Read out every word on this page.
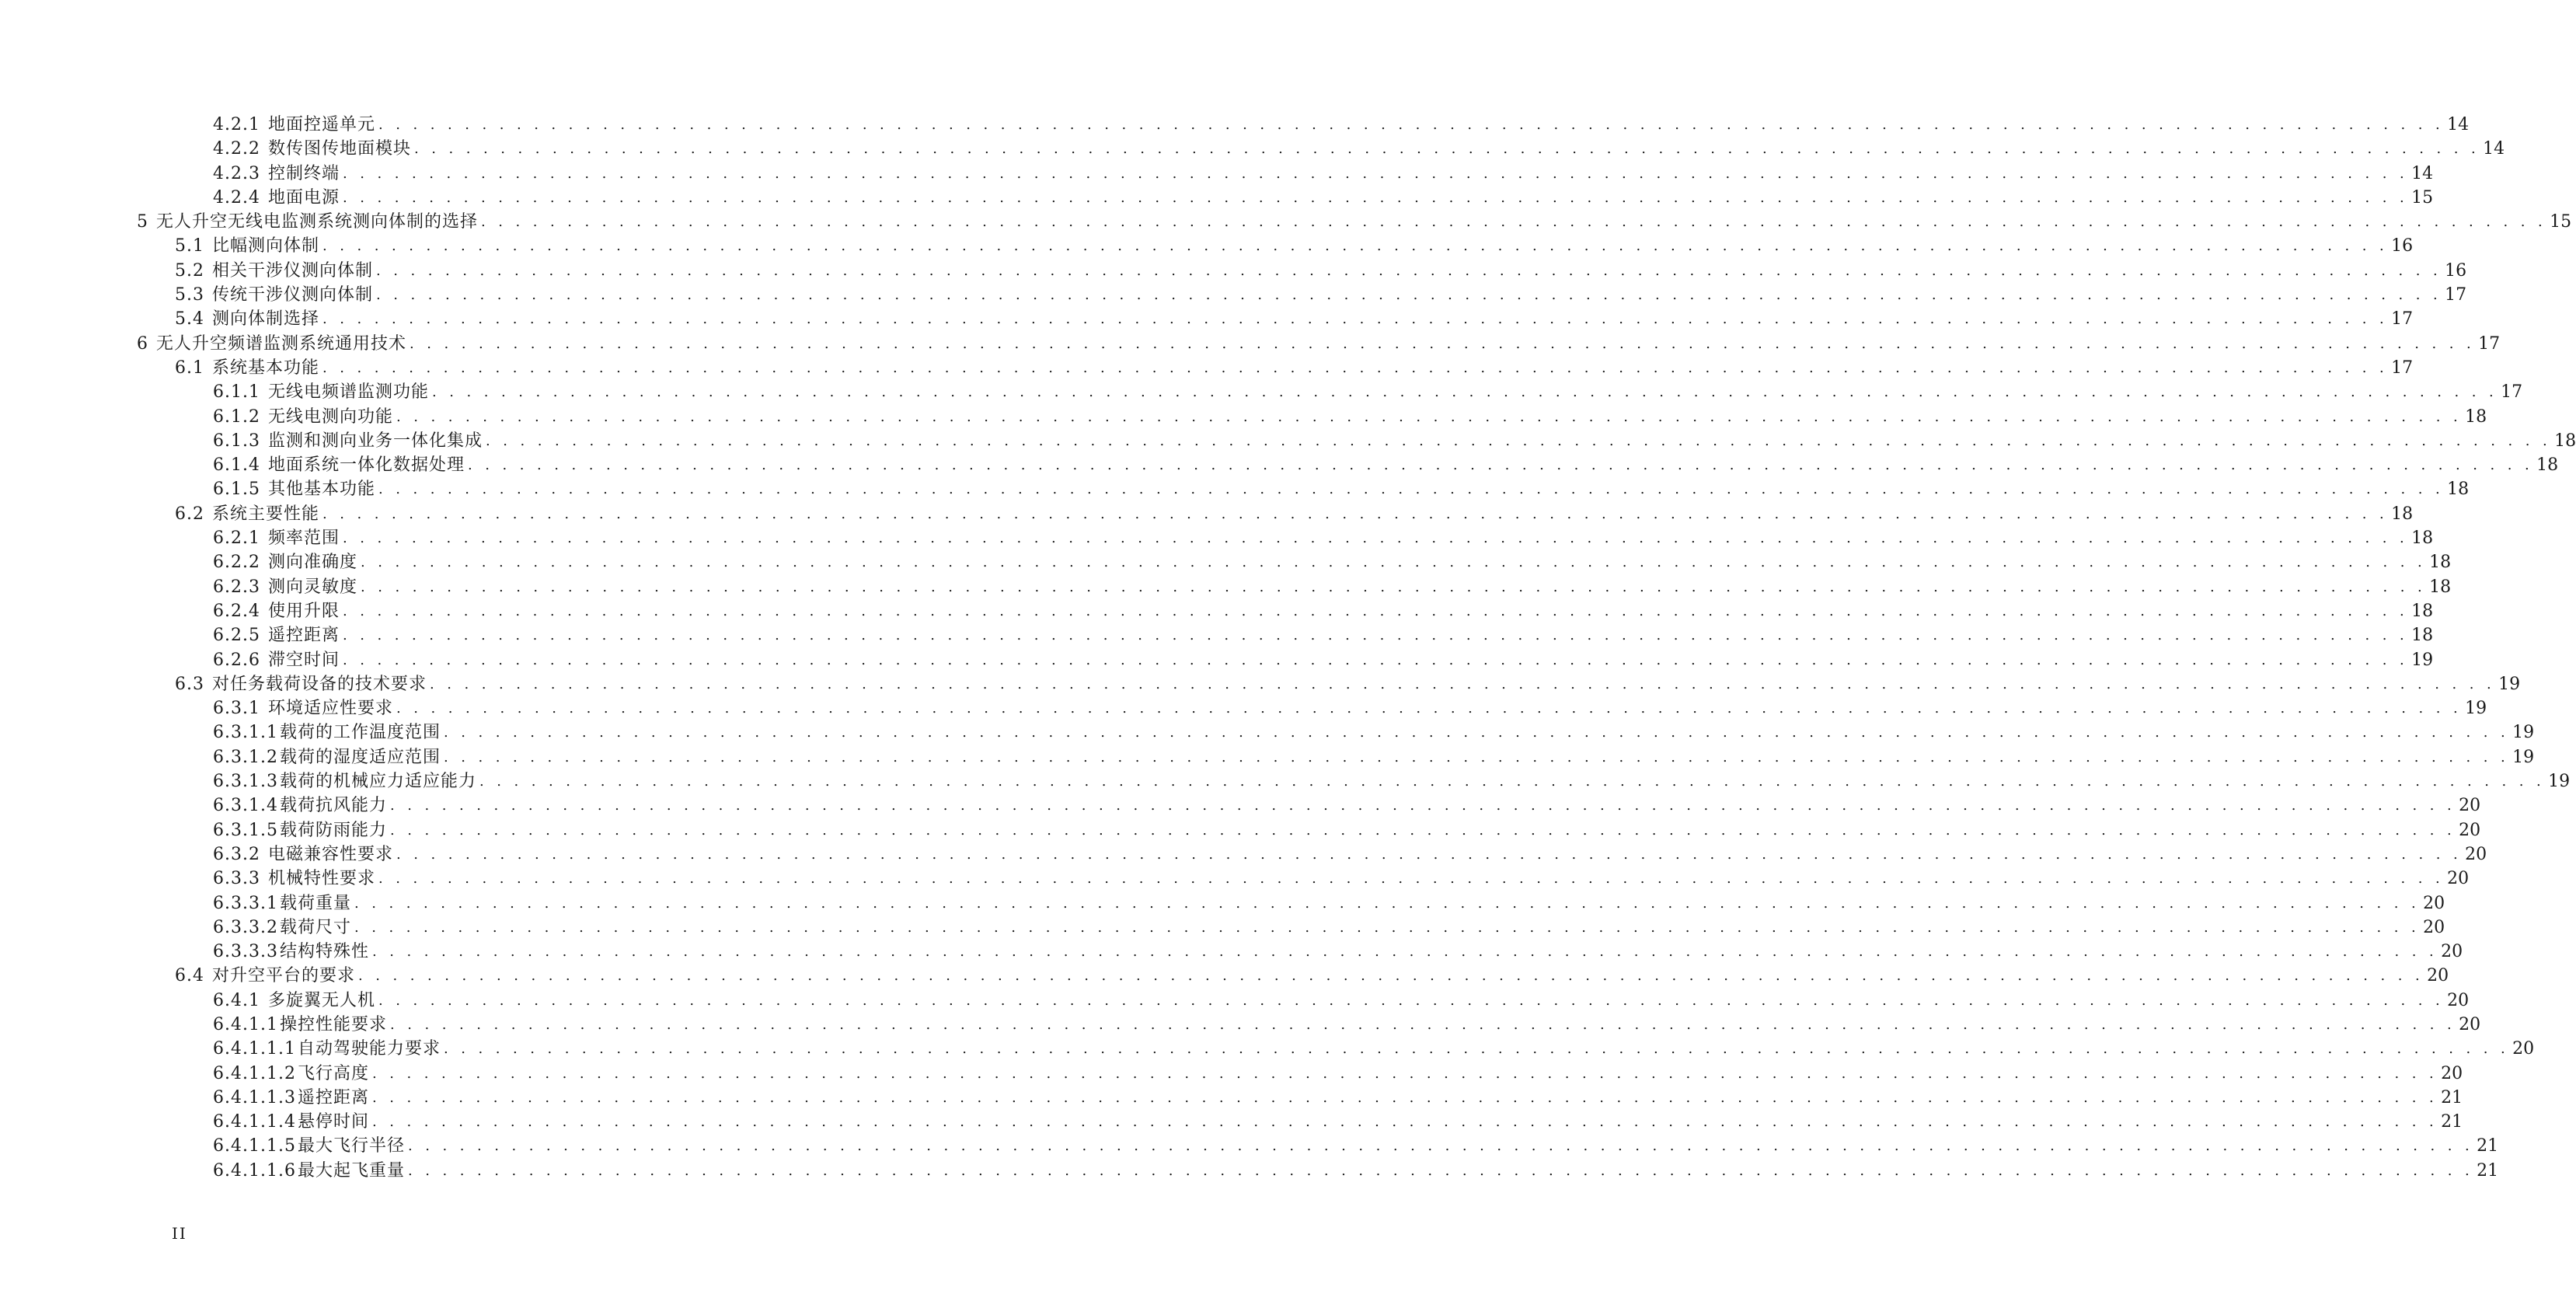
4.2.1 地面控遥单元 . . . . . . . . . . . . . . . . . . . . . . . . . . . . . . . . . . . . . . . . . . . . . . . . . . . . . . . . . . . . . . . . . . . . . . . . . . . . . . . . . . . . . . . . . . . . . . . . . . . . . . . . . . . . . . . . . . . . . . . . 14
4.2.2 数传图传地面模块 . . . . . . . . . . . . . . . . . . . . . . . . . . . . . . . . . . . . . . . . . . . . . . . . . . . . . . . . . . . . . . . . . . . . . . . . . . . . . . . . . . . . . . . . . . . . . . . . . . . . . . . . . . . . . . . . . . . . . . . . 14
4.2.3 控制终端 . . . . . . . . . . . . . . . . . . . . . . . . . . . . . . . . . . . . . . . . . . . . . . . . . . . . . . . . . . . . . . . . . . . . . . . . . . . . . . . . . . . . . . . . . . . . . . . . . . . . . . . . . . . . . . . . . . . . . . . . 14
4.2.4 地面电源 . . . . . . . . . . . . . . . . . . . . . . . . . . . . . . . . . . . . . . . . . . . . . . . . . . . . . . . . . . . . . . . . . . . . . . . . . . . . . . . . . . . . . . . . . . . . . . . . . . . . . . . . . . . . . . . . . . . . . . . . 15
5 无人升空无线电监测系统测向体制的选择 . . . . . . . . . . . . . . . . . . . . . . . . . . . . . . . . . . . . . . . . . . . . . . . . . . . . . . . . . . . . . . . . . . . . . . . . . . . . . . . . . . . . . . . . . . . . . . . . . . . . . . . . . . . . . . . . . . . . . . . . 15
5.1 比幅测向体制 . . . . . . . . . . . . . . . . . . . . . . . . . . . . . . . . . . . . . . . . . . . . . . . . . . . . . . . . . . . . . . . . . . . . . . . . . . . . . . . . . . . . . . . . . . . . . . . . . . . . . . . . . . . . . . . . . . . . . . . . 16
5.2 相关干涉仪测向体制 . . . . . . . . . . . . . . . . . . . . . . . . . . . . . . . . . . . . . . . . . . . . . . . . . . . . . . . . . . . . . . . . . . . . . . . . . . . . . . . . . . . . . . . . . . . . . . . . . . . . . . . . . . . . . . . . . . . . . . . . 16
5.3 传统干涉仪测向体制 . . . . . . . . . . . . . . . . . . . . . . . . . . . . . . . . . . . . . . . . . . . . . . . . . . . . . . . . . . . . . . . . . . . . . . . . . . . . . . . . . . . . . . . . . . . . . . . . . . . . . . . . . . . . . . . . . . . . . . . . 17
5.4 测向体制选择 . . . . . . . . . . . . . . . . . . . . . . . . . . . . . . . . . . . . . . . . . . . . . . . . . . . . . . . . . . . . . . . . . . . . . . . . . . . . . . . . . . . . . . . . . . . . . . . . . . . . . . . . . . . . . . . . . . . . . . . . 17
6 无人升空频谱监测系统通用技术 . . . . . . . . . . . . . . . . . . . . . . . . . . . . . . . . . . . . . . . . . . . . . . . . . . . . . . . . . . . . . . . . . . . . . . . . . . . . . . . . . . . . . . . . . . . . . . . . . . . . . . . . . . . . . . . . . . . . . . . . 17
6.1 系统基本功能 . . . . . . . . . . . . . . . . . . . . . . . . . . . . . . . . . . . . . . . . . . . . . . . . . . . . . . . . . . . . . . . . . . . . . . . . . . . . . . . . . . . . . . . . . . . . . . . . . . . . . . . . . . . . . . . . . . . . . . . . 17
6.1.1 无线电频谱监测功能 . . . . . . . . . . . . . . . . . . . . . . . . . . . . . . . . . . . . . . . . . . . . . . . . . . . . . . . . . . . . . . . . . . . . . . . . . . . . . . . . . . . . . . . . . . . . . . . . . . . . . . . . . . . . . . . . . . . . . . . . 17
6.1.2 无线电测向功能 . . . . . . . . . . . . . . . . . . . . . . . . . . . . . . . . . . . . . . . . . . . . . . . . . . . . . . . . . . . . . . . . . . . . . . . . . . . . . . . . . . . . . . . . . . . . . . . . . . . . . . . . . . . . . . . . . . . . . . . . 18
6.1.3 监测和测向业务一体化集成 . . . . . . . . . . . . . . . . . . . . . . . . . . . . . . . . . . . . . . . . . . . . . . . . . . . . . . . . . . . . . . . . . . . . . . . . . . . . . . . . . . . . . . . . . . . . . . . . . . . . . . . . . . . . . . . . . . . . . . . . 18
6.1.4 地面系统一体化数据处理 . . . . . . . . . . . . . . . . . . . . . . . . . . . . . . . . . . . . . . . . . . . . . . . . . . . . . . . . . . . . . . . . . . . . . . . . . . . . . . . . . . . . . . . . . . . . . . . . . . . . . . . . . . . . . . . . . . . . . . . . 18
6.1.5 其他基本功能 . . . . . . . . . . . . . . . . . . . . . . . . . . . . . . . . . . . . . . . . . . . . . . . . . . . . . . . . . . . . . . . . . . . . . . . . . . . . . . . . . . . . . . . . . . . . . . . . . . . . . . . . . . . . . . . . . . . . . . . . 18
6.2 系统主要性能 . . . . . . . . . . . . . . . . . . . . . . . . . . . . . . . . . . . . . . . . . . . . . . . . . . . . . . . . . . . . . . . . . . . . . . . . . . . . . . . . . . . . . . . . . . . . . . . . . . . . . . . . . . . . . . . . . . . . . . . . 18
6.2.1 频率范围 . . . . . . . . . . . . . . . . . . . . . . . . . . . . . . . . . . . . . . . . . . . . . . . . . . . . . . . . . . . . . . . . . . . . . . . . . . . . . . . . . . . . . . . . . . . . . . . . . . . . . . . . . . . . . . . . . . . . . . . . 18
6.2.2 测向准确度 . . . . . . . . . . . . . . . . . . . . . . . . . . . . . . . . . . . . . . . . . . . . . . . . . . . . . . . . . . . . . . . . . . . . . . . . . . . . . . . . . . . . . . . . . . . . . . . . . . . . . . . . . . . . . . . . . . . . . . . . 18
6.2.3 测向灵敏度 . . . . . . . . . . . . . . . . . . . . . . . . . . . . . . . . . . . . . . . . . . . . . . . . . . . . . . . . . . . . . . . . . . . . . . . . . . . . . . . . . . . . . . . . . . . . . . . . . . . . . . . . . . . . . . . . . . . . . . . . 18
6.2.4 使用升限 . . . . . . . . . . . . . . . . . . . . . . . . . . . . . . . . . . . . . . . . . . . . . . . . . . . . . . . . . . . . . . . . . . . . . . . . . . . . . . . . . . . . . . . . . . . . . . . . . . . . . . . . . . . . . . . . . . . . . . . . 18
6.2.5 遥控距离 . . . . . . . . . . . . . . . . . . . . . . . . . . . . . . . . . . . . . . . . . . . . . . . . . . . . . . . . . . . . . . . . . . . . . . . . . . . . . . . . . . . . . . . . . . . . . . . . . . . . . . . . . . . . . . . . . . . . . . . . 18
6.2.6 滞空时间 . . . . . . . . . . . . . . . . . . . . . . . . . . . . . . . . . . . . . . . . . . . . . . . . . . . . . . . . . . . . . . . . . . . . . . . . . . . . . . . . . . . . . . . . . . . . . . . . . . . . . . . . . . . . . . . . . . . . . . . . 19
6.3 对任务载荷设备的技术要求 . . . . . . . . . . . . . . . . . . . . . . . . . . . . . . . . . . . . . . . . . . . . . . . . . . . . . . . . . . . . . . . . . . . . . . . . . . . . . . . . . . . . . . . . . . . . . . . . . . . . . . . . . . . . . . . . . . . . . . . . 19
6.3.1 环境适应性要求 . . . . . . . . . . . . . . . . . . . . . . . . . . . . . . . . . . . . . . . . . . . . . . . . . . . . . . . . . . . . . . . . . . . . . . . . . . . . . . . . . . . . . . . . . . . . . . . . . . . . . . . . . . . . . . . . . . . . . . . . 19
6.3.1.1 载荷的工作温度范围 . . . . . . . . . . . . . . . . . . . . . . . . . . . . . . . . . . . . . . . . . . . . . . . . . . . . . . . . . . . . . . . . . . . . . . . . . . . . . . . . . . . . . . . . . . . . . . . . . . . . . . . . . . . . . . . . . . . . . . . . 19
6.3.1.2 载荷的湿度适应范围 . . . . . . . . . . . . . . . . . . . . . . . . . . . . . . . . . . . . . . . . . . . . . . . . . . . . . . . . . . . . . . . . . . . . . . . . . . . . . . . . . . . . . . . . . . . . . . . . . . . . . . . . . . . . . . . . . . . . . . . . 19
6.3.1.3 载荷的机械应力适应能力 . . . . . . . . . . . . . . . . . . . . . . . . . . . . . . . . . . . . . . . . . . . . . . . . . . . . . . . . . . . . . . . . . . . . . . . . . . . . . . . . . . . . . . . . . . . . . . . . . . . . . . . . . . . . . . . . . . . . . . . . 19
6.3.1.4 载荷抗风能力 . . . . . . . . . . . . . . . . . . . . . . . . . . . . . . . . . . . . . . . . . . . . . . . . . . . . . . . . . . . . . . . . . . . . . . . . . . . . . . . . . . . . . . . . . . . . . . . . . . . . . . . . . . . . . . . . . . . . . . . . 20
6.3.1.5 载荷防雨能力 . . . . . . . . . . . . . . . . . . . . . . . . . . . . . . . . . . . . . . . . . . . . . . . . . . . . . . . . . . . . . . . . . . . . . . . . . . . . . . . . . . . . . . . . . . . . . . . . . . . . . . . . . . . . . . . . . . . . . . . . 20
6.3.2 电磁兼容性要求 . . . . . . . . . . . . . . . . . . . . . . . . . . . . . . . . . . . . . . . . . . . . . . . . . . . . . . . . . . . . . . . . . . . . . . . . . . . . . . . . . . . . . . . . . . . . . . . . . . . . . . . . . . . . . . . . . . . . . . . . 20
6.3.3 机械特性要求 . . . . . . . . . . . . . . . . . . . . . . . . . . . . . . . . . . . . . . . . . . . . . . . . . . . . . . . . . . . . . . . . . . . . . . . . . . . . . . . . . . . . . . . . . . . . . . . . . . . . . . . . . . . . . . . . . . . . . . . . 20
6.3.3.1 载荷重量 . . . . . . . . . . . . . . . . . . . . . . . . . . . . . . . . . . . . . . . . . . . . . . . . . . . . . . . . . . . . . . . . . . . . . . . . . . . . . . . . . . . . . . . . . . . . . . . . . . . . . . . . . . . . . . . . . . . . . . . . 20
6.3.3.2 载荷尺寸 . . . . . . . . . . . . . . . . . . . . . . . . . . . . . . . . . . . . . . . . . . . . . . . . . . . . . . . . . . . . . . . . . . . . . . . . . . . . . . . . . . . . . . . . . . . . . . . . . . . . . . . . . . . . . . . . . . . . . . . . 20
6.3.3.3 结构特殊性 . . . . . . . . . . . . . . . . . . . . . . . . . . . . . . . . . . . . . . . . . . . . . . . . . . . . . . . . . . . . . . . . . . . . . . . . . . . . . . . . . . . . . . . . . . . . . . . . . . . . . . . . . . . . . . . . . . . . . . . . 20
6.4 对升空平台的要求 . . . . . . . . . . . . . . . . . . . . . . . . . . . . . . . . . . . . . . . . . . . . . . . . . . . . . . . . . . . . . . . . . . . . . . . . . . . . . . . . . . . . . . . . . . . . . . . . . . . . . . . . . . . . . . . . . . . . . . . . 20
6.4.1 多旋翼无人机 . . . . . . . . . . . . . . . . . . . . . . . . . . . . . . . . . . . . . . . . . . . . . . . . . . . . . . . . . . . . . . . . . . . . . . . . . . . . . . . . . . . . . . . . . . . . . . . . . . . . . . . . . . . . . . . . . . . . . . . . 20
6.4.1.1 操控性能要求 . . . . . . . . . . . . . . . . . . . . . . . . . . . . . . . . . . . . . . . . . . . . . . . . . . . . . . . . . . . . . . . . . . . . . . . . . . . . . . . . . . . . . . . . . . . . . . . . . . . . . . . . . . . . . . . . . . . . . . . . 20
6.4.1.1.1 自动驾驶能力要求 . . . . . . . . . . . . . . . . . . . . . . . . . . . . . . . . . . . . . . . . . . . . . . . . . . . . . . . . . . . . . . . . . . . . . . . . . . . . . . . . . . . . . . . . . . . . . . . . . . . . . . . . . . . . . . . . . . . . . . . . 20
6.4.1.1.2 飞行高度 . . . . . . . . . . . . . . . . . . . . . . . . . . . . . . . . . . . . . . . . . . . . . . . . . . . . . . . . . . . . . . . . . . . . . . . . . . . . . . . . . . . . . . . . . . . . . . . . . . . . . . . . . . . . . . . . . . . . . . . . 20
6.4.1.1.3 遥控距离 . . . . . . . . . . . . . . . . . . . . . . . . . . . . . . . . . . . . . . . . . . . . . . . . . . . . . . . . . . . . . . . . . . . . . . . . . . . . . . . . . . . . . . . . . . . . . . . . . . . . . . . . . . . . . . . . . . . . . . . . 21
6.4.1.1.4 悬停时间 . . . . . . . . . . . . . . . . . . . . . . . . . . . . . . . . . . . . . . . . . . . . . . . . . . . . . . . . . . . . . . . . . . . . . . . . . . . . . . . . . . . . . . . . . . . . . . . . . . . . . . . . . . . . . . . . . . . . . . . . 21
6.4.1.1.5 最大飞行半径 . . . . . . . . . . . . . . . . . . . . . . . . . . . . . . . . . . . . . . . . . . . . . . . . . . . . . . . . . . . . . . . . . . . . . . . . . . . . . . . . . . . . . . . . . . . . . . . . . . . . . . . . . . . . . . . . . . . . . . . . 21
6.4.1.1.6 最大起飞重量 . . . . . . . . . . . . . . . . . . . . . . . . . . . . . . . . . . . . . . . . . . . . . . . . . . . . . . . . . . . . . . . . . . . . . . . . . . . . . . . . . . . . . . . . . . . . . . . . . . . . . . . . . . . . . . . . . . . . . . . . 21
II
